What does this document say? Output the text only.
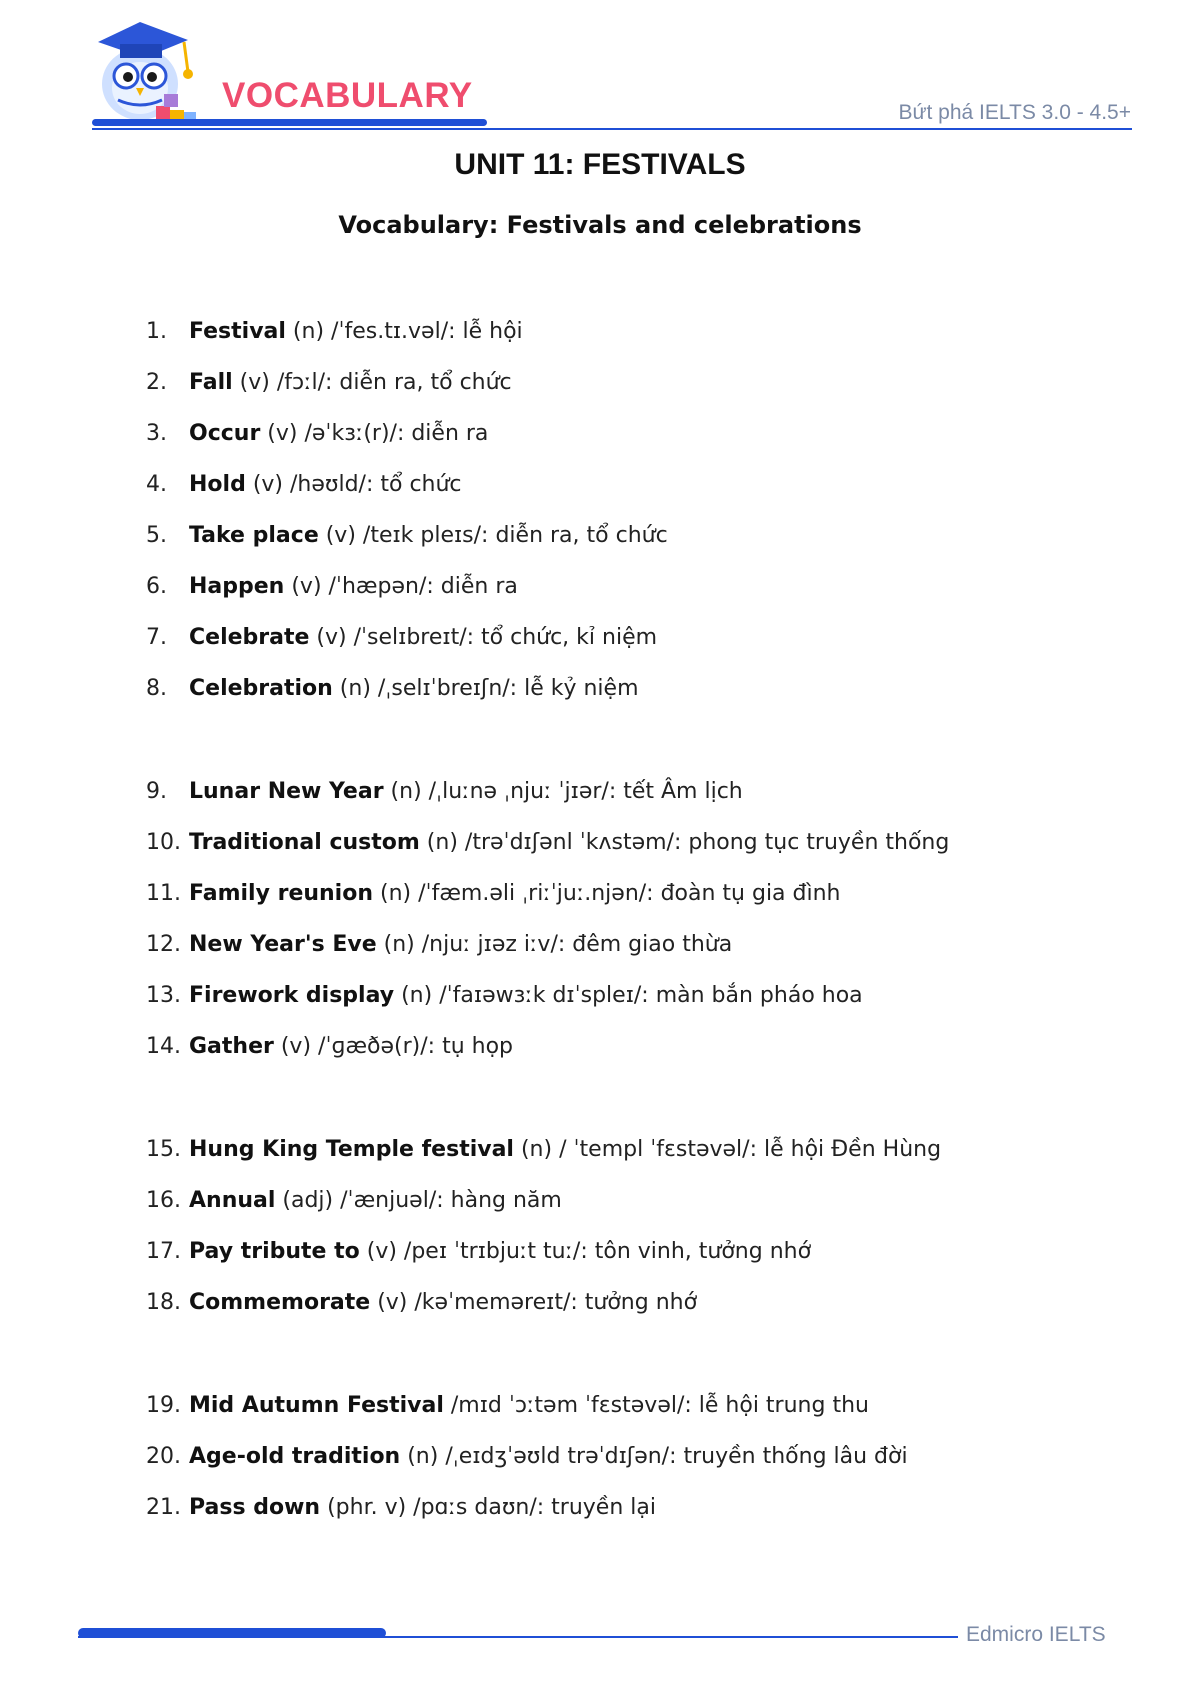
VOCABULARY	Bứt phá IELTS 3.0 - 4.5+
UNIT 11: FESTIVALS
Vocabulary: Festivals and celebrations
1. Festival (n) /ˈfes.tɪ.vəl/: lễ hội
2. Fall (v) /fɔːl/: diễn ra, tổ chức
3. Occur (v) /əˈkɜː(r)/: diễn ra
4. Hold (v) /həʊld/: tổ chức
5. Take place (v) /teɪk pleɪs/: diễn ra, tổ chức
6. Happen (v) /ˈhæpən/: diễn ra
7. Celebrate (v) /ˈselɪbreɪt/: tổ chức, kỉ niệm
8. Celebration (n) /ˌselɪˈbreɪʃn/: lễ kỷ niệm
9. Lunar New Year (n) /ˌluːnə ˌnjuː ˈjɪər/: tết Âm lịch
10. Traditional custom (n) /trəˈdɪʃənl ˈkʌstəm/: phong tục truyền thống
11. Family reunion (n) /ˈfæm.əli ˌriːˈjuː.njən/: đoàn tụ gia đình
12. New Year's Eve (n) /njuː jɪəz iːv/: đêm giao thừa
13. Firework display (n) /ˈfaɪəwɜːk dɪˈspleɪ/: màn bắn pháo hoa
14. Gather (v) /ˈɡæðə(r)/: tụ họp
15. Hung King Temple festival (n) / ˈtempl ˈfɛstəvəl/: lễ hội Đền Hùng
16. Annual (adj) /ˈænjuəl/: hàng năm
17. Pay tribute to (v) /peɪ ˈtrɪbjuːt tuː/: tôn vinh, tưởng nhớ
18. Commemorate (v) /kəˈmeməreɪt/: tưởng nhớ
19. Mid Autumn Festival /mɪd ˈɔːtəm ˈfɛstəvəl/: lễ hội trung thu
20. Age-old tradition (n) /ˌeɪdʒˈəʊld trəˈdɪʃən/: truyền thống lâu đời
21. Pass down (phr. v) /pɑːs daʊn/: truyền lại
Edmicro IELTS
